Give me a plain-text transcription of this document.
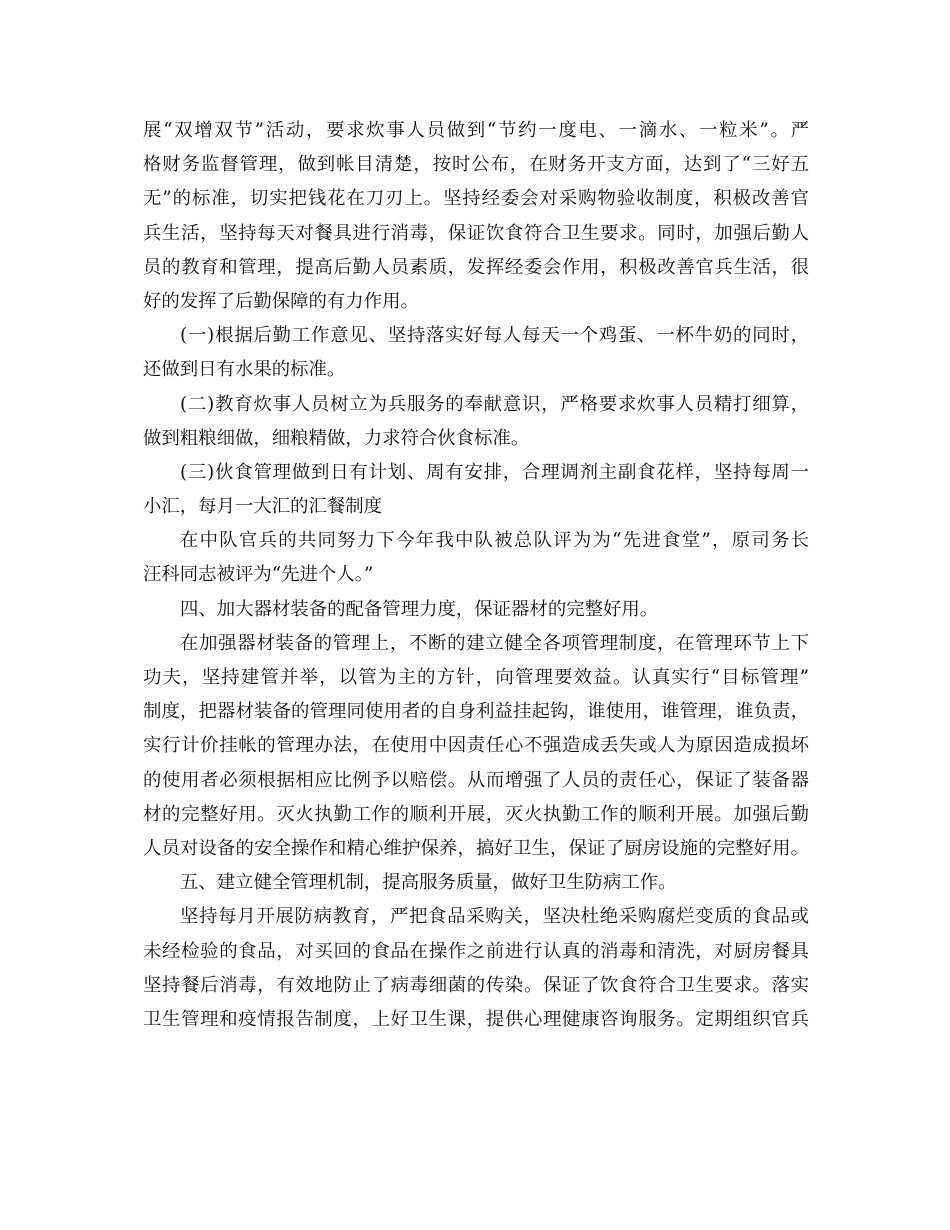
展“双增双节”活动，要求炊事人员做到“节约一度电、一滴水、一粒米”。严
格财务监督管理，做到帐目清楚，按时公布，在财务开支方面，达到了“三好五
无”的标准，切实把钱花在刀刃上。坚持经委会对采购物验收制度，积极改善官
兵生活，坚持每天对餐具进行消毒，保证饮食符合卫生要求。同时，加强后勤人
员的教育和管理，提高后勤人员素质，发挥经委会作用，积极改善官兵生活，很
好的发挥了后勤保障的有力作用。
(一)根据后勤工作意见、坚持落实好每人每天一个鸡蛋、一杯牛奶的同时，
还做到日有水果的标准。
(二)教育炊事人员树立为兵服务的奉献意识，严格要求炊事人员精打细算，
做到粗粮细做，细粮精做，力求符合伙食标准。
(三)伙食管理做到日有计划、周有安排，合理调剂主副食花样，坚持每周一
小汇，每月一大汇的汇餐制度
在中队官兵的共同努力下今年我中队被总队评为为“先进食堂”，原司务长
汪科同志被评为“先进个人。”
四、加大器材装备的配备管理力度，保证器材的完整好用。
在加强器材装备的管理上，不断的建立健全各项管理制度，在管理环节上下
功夫，坚持建管并举，以管为主的方针，向管理要效益。认真实行“目标管理”
制度，把器材装备的管理同使用者的自身利益挂起钩，谁使用，谁管理，谁负责，
实行计价挂帐的管理办法，在使用中因责任心不强造成丢失或人为原因造成损坏
的使用者必须根据相应比例予以赔偿。从而增强了人员的责任心，保证了装备器
材的完整好用。灭火执勤工作的顺利开展，灭火执勤工作的顺利开展。加强后勤
人员对设备的安全操作和精心维护保养，搞好卫生，保证了厨房设施的完整好用。
五、建立健全管理机制，提高服务质量，做好卫生防病工作。
坚持每月开展防病教育，严把食品采购关，坚决杜绝采购腐烂变质的食品或
未经检验的食品，对买回的食品在操作之前进行认真的消毒和清洗，对厨房餐具
坚持餐后消毒，有效地防止了病毒细菌的传染。保证了饮食符合卫生要求。落实
卫生管理和疫情报告制度，上好卫生课，提供心理健康咨询服务。定期组织官兵
